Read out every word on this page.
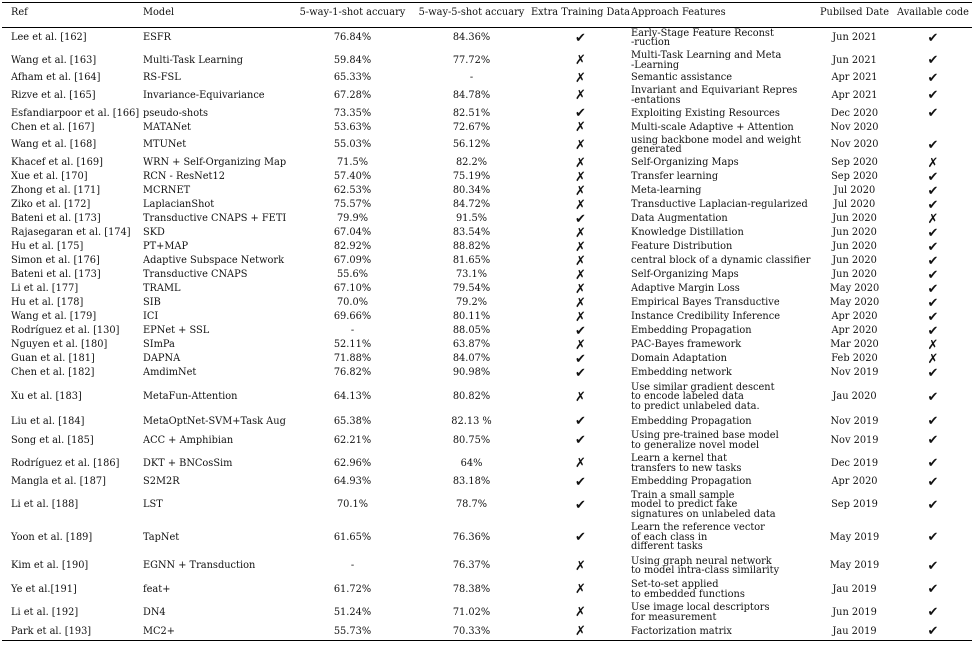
Ref	Model	5-way-1-shot accuary	5-way-5-shot accuary	Extra Training Data	Approach Features	Pubilsed Date	Available code
Lee et al. [162]	ESFR	76.84%	84.36%	✔	Early-Stage Feature Reconst
-ruction	Jun 2021	✔
Wang et al. [163]	Multi-Task Learning	59.84%	77.72%	✗	Multi-Task Learning and Meta
-Learning	Jun 2021	✔
Afham et al. [164]	RS-FSL	65.33%	-	✗	Semantic assistance	Apr 2021	✔
Rizve et al. [165]	Invariance-Equivariance	67.28%	84.78%	✗	Invariant and Equivariant Repres
-entations	Apr 2021	✔
Esfandiarpoor et al. [166]	pseudo-shots	73.35%	82.51%	✔	Exploiting Existing Resources	Dec 2020	✔
Chen et al. [167]	MATANet	53.63%	72.67%	✗	Multi-scale Adaptive + Attention	Nov 2020	
Wang et al. [168]	MTUNet	55.03%	56.12%	✗	using backbone model and weight
generated	Nov 2020	✔
Khacef et al. [169]	WRN + Self-Organizing Map	71.5%	82.2%	✗	Self-Organizing Maps	Sep 2020	✗
Xue et al. [170]	RCN - ResNet12	57.40%	75.19%	✗	Transfer learning	Sep 2020	✔
Zhong et al. [171]	MCRNET	62.53%	80.34%	✗	Meta-learning	Jul 2020	✔
Ziko et al. [172]	LaplacianShot	75.57%	84.72%	✗	Transductive Laplacian-regularized	Jul 2020	✔
Bateni et al. [173]	Transductive CNAPS + FETI	79.9%	91.5%	✔	Data Augmentation	Jun 2020	✗
Rajasegaran et al. [174]	SKD	67.04%	83.54%	✗	Knowledge Distillation	Jun 2020	✔
Hu et al. [175]	PT+MAP	82.92%	88.82%	✗	Feature Distribution	Jun 2020	✔
Simon et al. [176]	Adaptive Subspace Network	67.09%	81.65%	✗	central block of a dynamic classifier	Jun 2020	✔
Bateni et al. [173]	Transductive CNAPS	55.6%	73.1%	✗	Self-Organizing Maps	Jun 2020	✔
Li et al. [177]	TRAML	67.10%	79.54%	✗	Adaptive Margin Loss	May 2020	✔
Hu et al. [178]	SIB	70.0%	79.2%	✗	Empirical Bayes Transductive	May 2020	✔
Wang et al. [179]	ICI	69.66%	80.11%	✗	Instance Credibility Inference	Apr 2020	✔
Rodríguez et al. [130]	EPNet + SSL	-	88.05%	✔	Embedding Propagation	Apr 2020	✔
Nguyen et al. [180]	SImPa	52.11%	63.87%	✗	PAC-Bayes framework	Mar 2020	✗
Guan et al. [181]	DAPNA	71.88%	84.07%	✔	Domain Adaptation	Feb 2020	✗
Chen et al. [182]	AmdimNet	76.82%	90.98%	✔	Embedding network	Nov 2019	✔
Xu et al. [183]	MetaFun-Attention	64.13%	80.82%	✗	Use similar gradient descent
to encode labeled data
to predict unlabeled data.	Jau 2020	✔
Liu et al. [184]	MetaOptNet-SVM+Task Aug	65.38%	82.13 %	✔	Embedding Propagation	Nov 2019	✔
Song et al. [185]	ACC + Amphibian	62.21%	80.75%	✔	Using pre-trained base model
to generalize novel model	Nov 2019	✔
Rodríguez et al. [186]	DKT + BNCosSim	62.96%	64%	✗	Learn a kernel that
transfers to new tasks	Dec 2019	✔
Mangla et al. [187]	S2M2R	64.93%	83.18%	✔	Embedding Propagation	Apr 2020	✔
Li et al. [188]	LST	70.1%	78.7%	✔	Train a small sample
model to predict fake
signatures on unlabeled data	Sep 2019	✔
Yoon et al. [189]	TapNet	61.65%	76.36%	✔	Learn the reference vector
of each class in
different tasks	May 2019	✔
Kim et al. [190]	EGNN + Transduction	-	76.37%	✗	Using graph neural network
to model intra-class similarity	May 2019	✔
Ye et al.[191]	feat+	61.72%	78.38%	✗	Set-to-set applied
to embedded functions	Jau 2019	✔
Li et al. [192]	DN4	51.24%	71.02%	✗	Use image local descriptors
for measurement	Jun 2019	✔
Park et al. [193]	MC2+	55.73%	70.33%	✗	Factorization matrix	Jau 2019	✔
